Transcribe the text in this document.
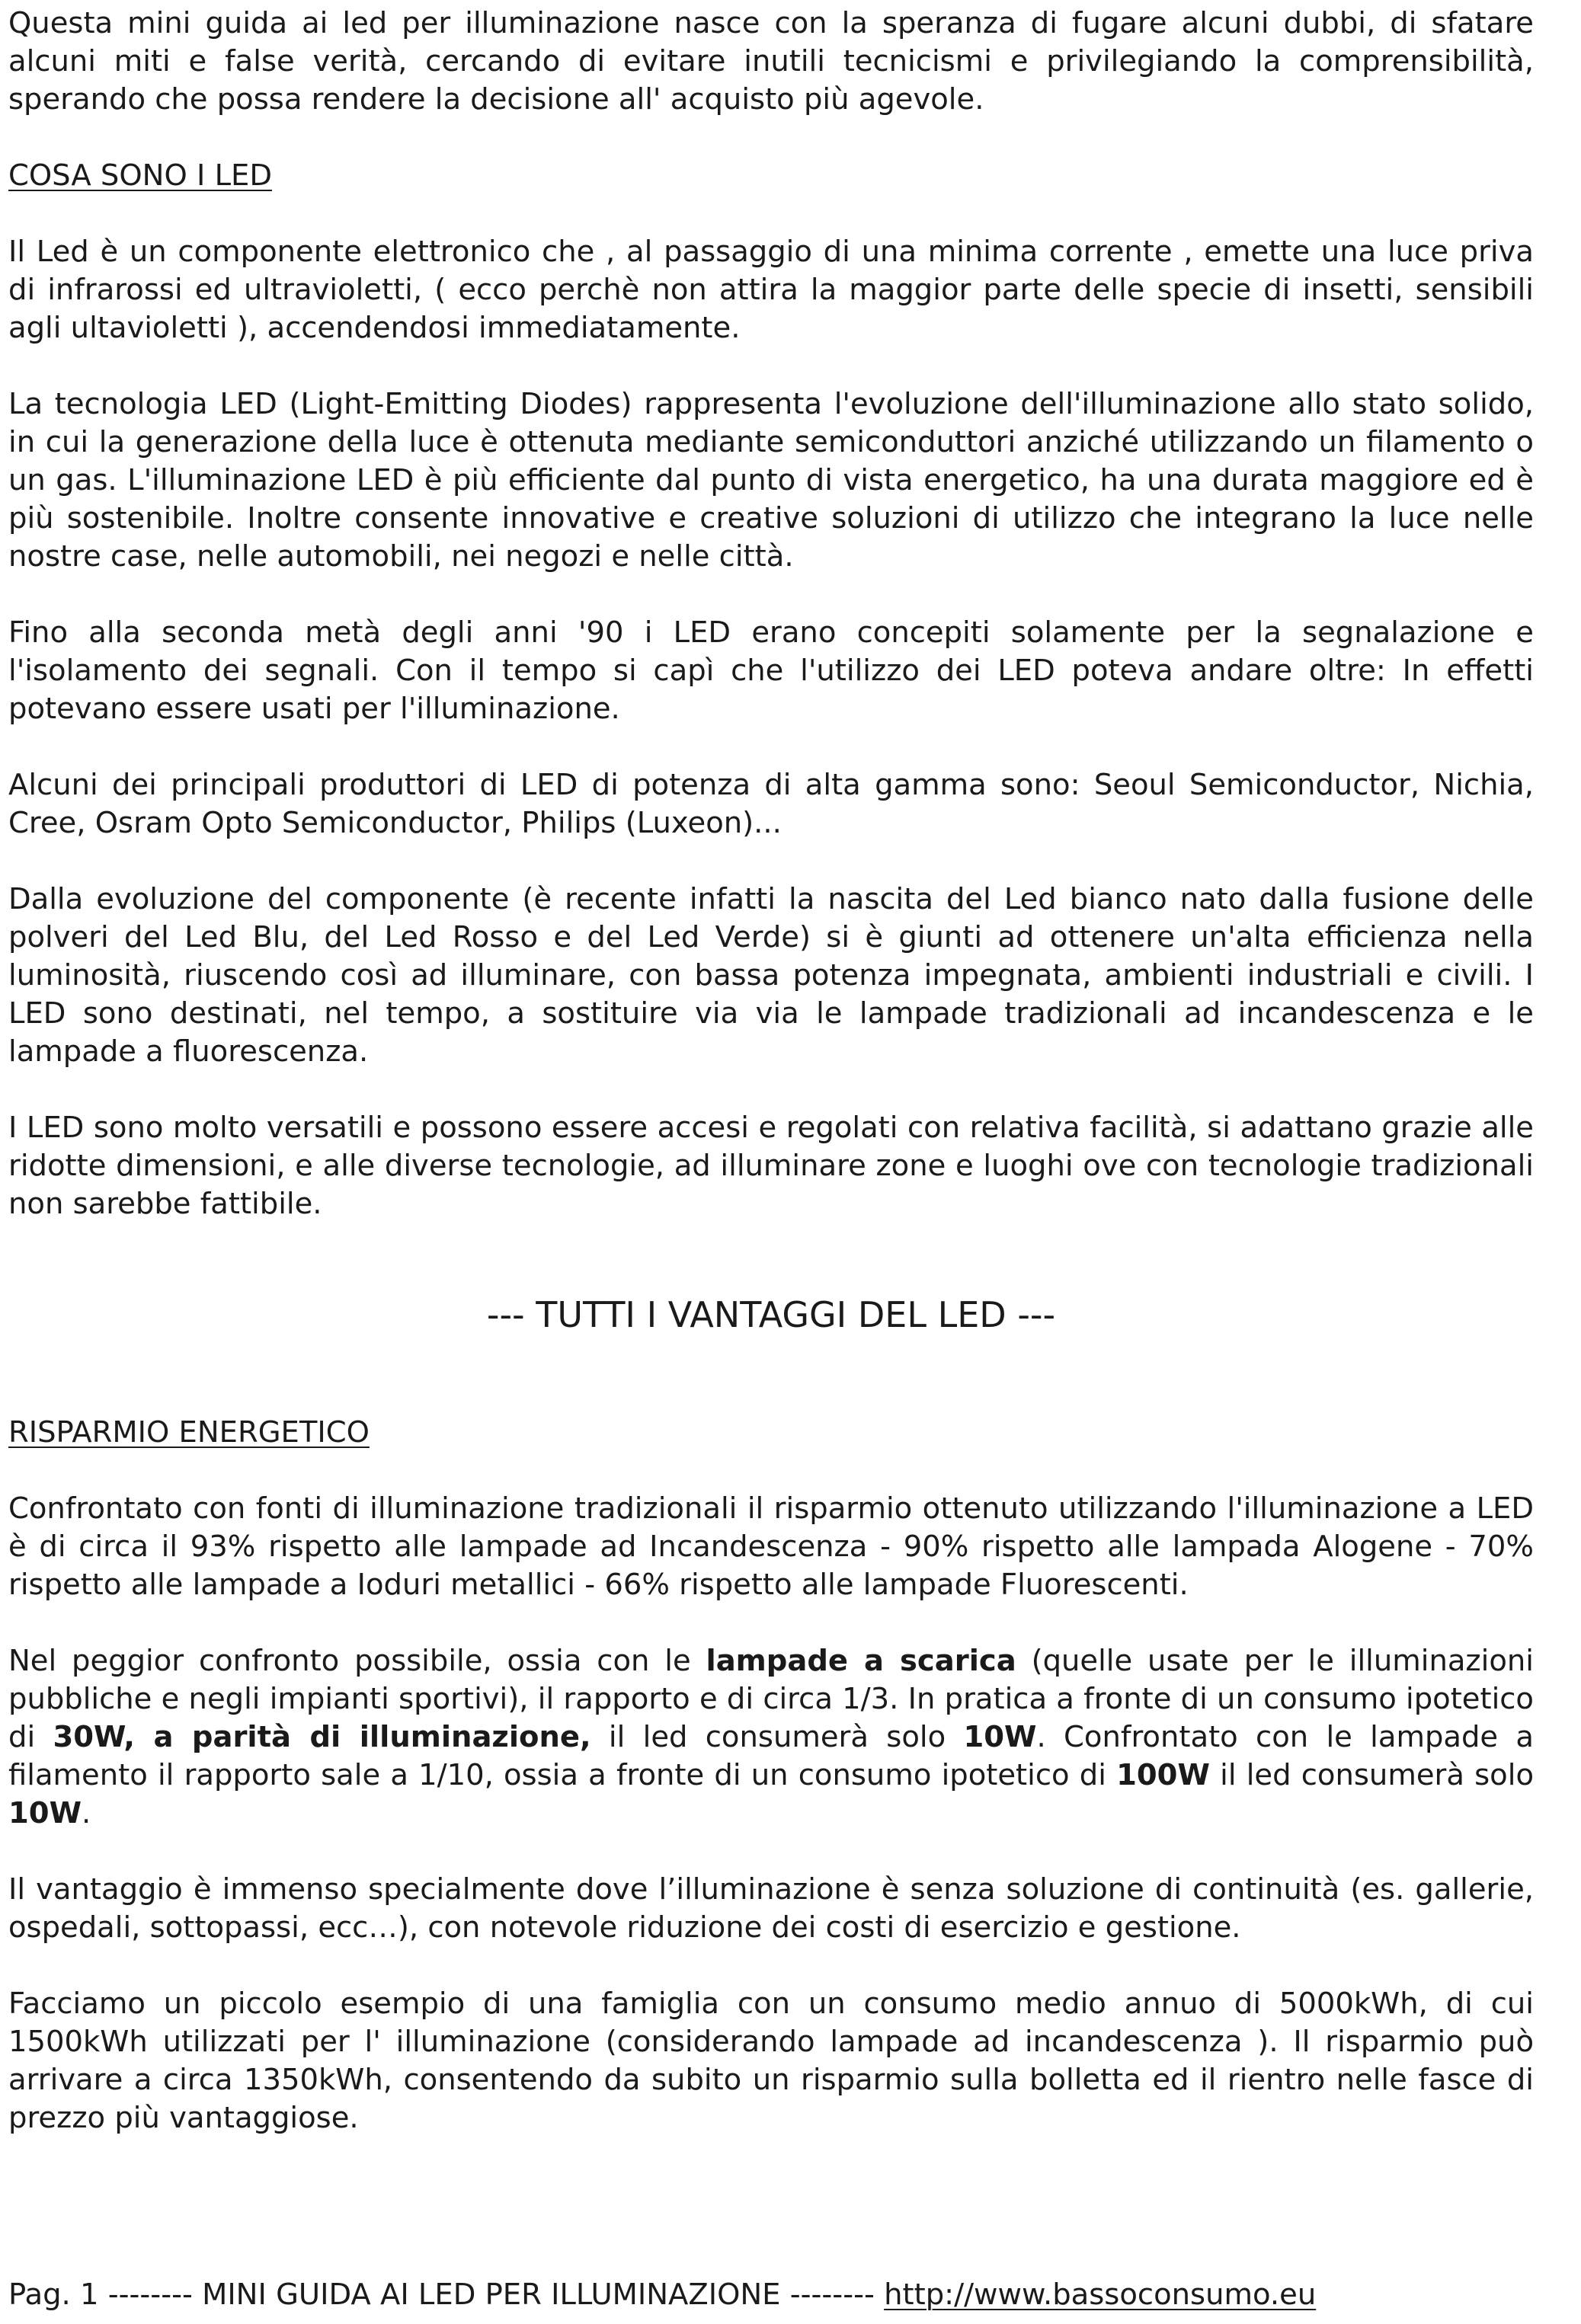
Questa mini guida ai led per illuminazione nasce con la speranza di fugare alcuni dubbi, di sfatare alcuni miti e false verità, cercando di evitare inutili tecnicismi e privilegiando la comprensibilità, sperando che possa rendere la decisione all' acquisto più agevole.

COSA SONO I LED

Il Led è un componente elettronico che , al passaggio di una minima corrente , emette una luce priva di infrarossi ed ultravioletti, ( ecco perchè non attira la maggior parte delle specie di insetti, sensibili agli ultavioletti ), accendendosi immediatamente.

La tecnologia LED (Light-Emitting Diodes) rappresenta l'evoluzione dell'illuminazione allo stato solido, in cui la generazione della luce è ottenuta mediante semiconduttori anziché utilizzando un filamento o un gas. L'illuminazione LED è più efficiente dal punto di vista energetico, ha una durata maggiore ed è più sostenibile. Inoltre consente innovative e creative soluzioni di utilizzo che integrano la luce nelle nostre case, nelle automobili, nei negozi e nelle città.

Fino alla seconda metà degli anni '90 i LED erano concepiti solamente per la segnalazione e l'isolamento dei segnali. Con il tempo si capì che l'utilizzo dei LED poteva andare oltre: In effetti potevano essere usati per l'illuminazione.

Alcuni dei principali produttori di LED di potenza di alta gamma sono: Seoul Semiconductor, Nichia, Cree, Osram Opto Semiconductor, Philips (Luxeon)...

Dalla evoluzione del componente (è recente infatti la nascita del Led bianco nato dalla fusione delle polveri del Led Blu, del Led Rosso e del Led Verde) si è giunti ad ottenere un'alta efficienza nella luminosità, riuscendo così ad illuminare, con bassa potenza impegnata, ambienti industriali e civili. I LED sono destinati, nel tempo, a sostituire via via le lampade tradizionali ad incandescenza e le lampade a fluorescenza.

I LED sono molto versatili e possono essere accesi e regolati con relativa facilità, si adattano grazie alle ridotte dimensioni, e alle diverse tecnologie, ad illuminare zone e luoghi ove con tecnologie tradizionali non sarebbe fattibile.

--- TUTTI I VANTAGGI DEL LED ---

RISPARMIO ENERGETICO

Confrontato con fonti di illuminazione tradizionali il risparmio ottenuto utilizzando l'illuminazione a LED è di circa il 93% rispetto alle lampade ad Incandescenza - 90% rispetto alle lampada Alogene - 70% rispetto alle lampade a Ioduri metallici - 66% rispetto alle lampade Fluorescenti.

Nel peggior confronto possibile, ossia con le lampade a scarica (quelle usate per le illuminazioni pubbliche e negli impianti sportivi), il rapporto e di circa 1/3. In pratica a fronte di un consumo ipotetico di 30W, a parità di illuminazione, il led consumerà solo 10W. Confrontato con le lampade a filamento il rapporto sale a 1/10, ossia a fronte di un consumo ipotetico di 100W il led consumerà solo 10W.

Il vantaggio è immenso specialmente dove l’illuminazione è senza soluzione di continuità (es. gallerie, ospedali, sottopassi, ecc…), con notevole riduzione dei costi di esercizio e gestione.

Facciamo un piccolo esempio di una famiglia con un consumo medio annuo di 5000kWh, di cui 1500kWh utilizzati per l' illuminazione (considerando lampade ad incandescenza ). Il risparmio può arrivare a circa 1350kWh, consentendo da subito un risparmio sulla bolletta ed il rientro nelle fasce di prezzo più vantaggiose.

Pag. 1 -------- MINI GUIDA AI LED PER ILLUMINAZIONE -------- http://www.bassoconsumo.eu
